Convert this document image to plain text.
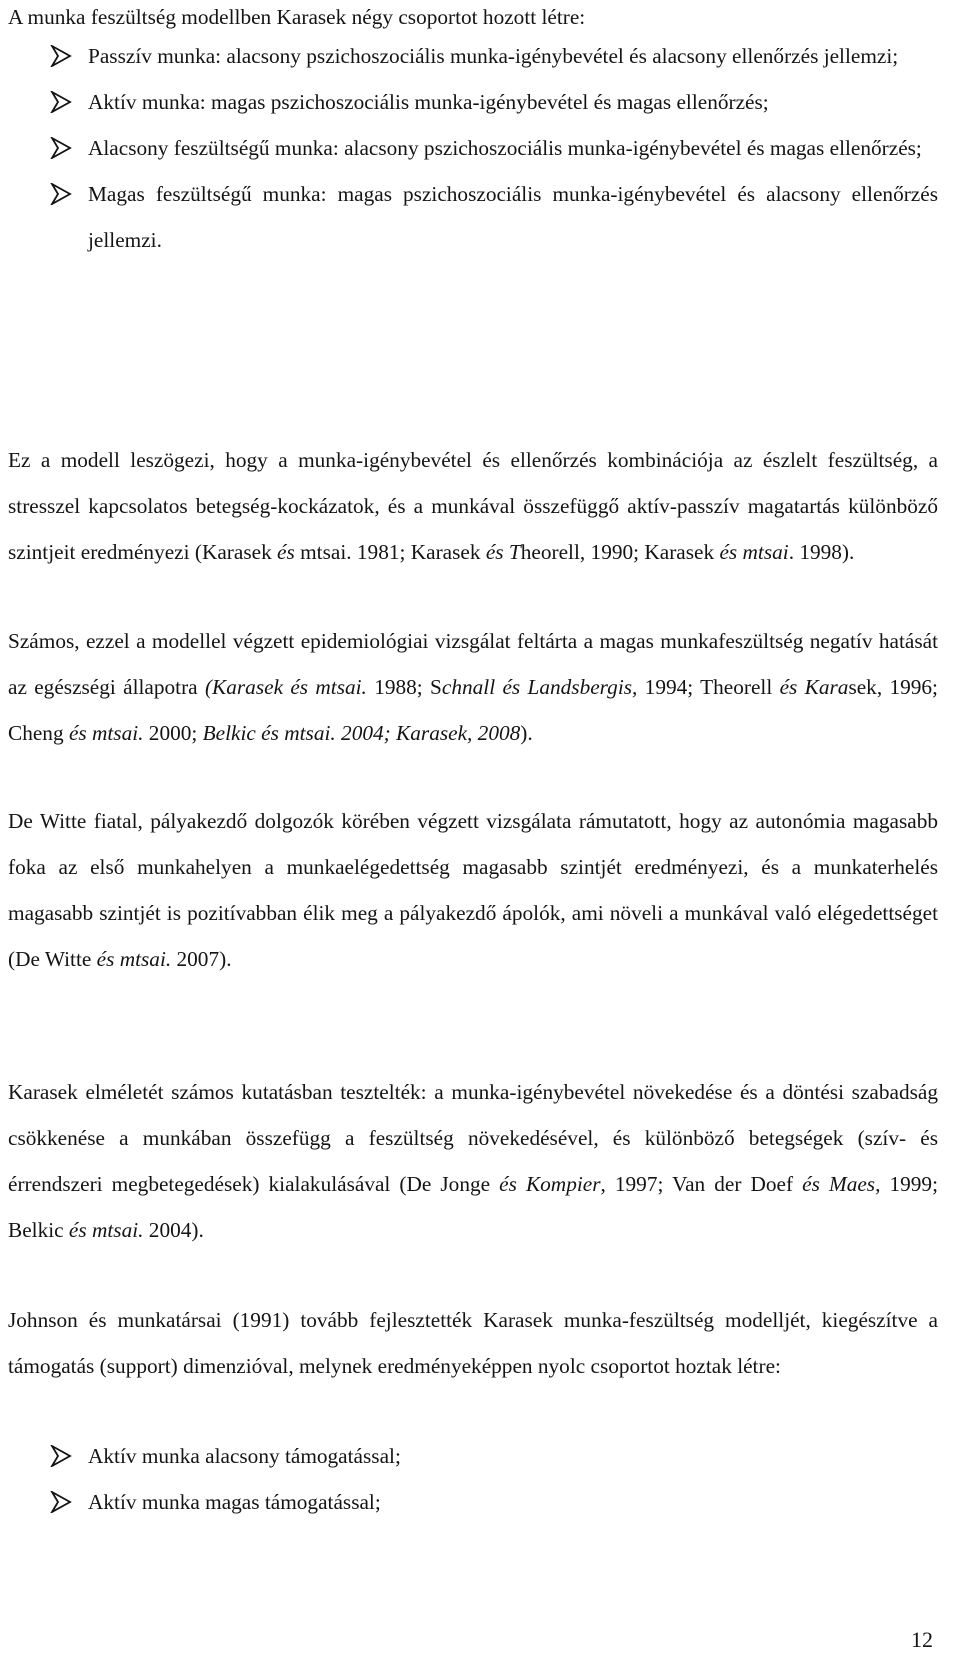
A munka feszültség modellben Karasek négy csoportot hozott létre:

Passzív munka: alacsony pszichoszociális munka-igénybevétel és alacsony ellenőrzés jellemzi;
Aktív munka: magas pszichoszociális munka-igénybevétel és magas ellenőrzés;
Alacsony feszültségű munka: alacsony pszichoszociális munka-igénybevétel és magas ellenőrzés;
Magas feszültségű munka: magas pszichoszociális munka-igénybevétel és alacsony ellenőrzés jellemzi.

Ez a modell leszögezi, hogy a munka-igénybevétel és ellenőrzés kombinációja az észlelt feszültség, a stresszel kapcsolatos betegség-kockázatok, és a munkával összefüggő aktív-passzív magatartás különböző szintjeit eredményezi (Karasek és mtsai. 1981; Karasek és Theorell, 1990; Karasek és mtsai. 1998).

Számos, ezzel a modellel végzett epidemiológiai vizsgálat feltárta a magas munkafeszültség negatív hatását az egészségi állapotra (Karasek és mtsai. 1988; Schnall és Landsbergis, 1994; Theorell és Karasek, 1996; Cheng és mtsai. 2000; Belkic és mtsai. 2004; Karasek, 2008).

De Witte fiatal, pályakezdő dolgozók körében végzett vizsgálata rámutatott, hogy az autonómia magasabb foka az első munkahelyen a munkaelégedettség magasabb szintjét eredményezi, és a munkaterhelés magasabb szintjét is pozitívabban élik meg a pályakezdő ápolók, ami növeli a munkával való elégedettséget (De Witte és mtsai. 2007).

Karasek elméletét számos kutatásban tesztelték: a munka-igénybevétel növekedése és a döntési szabadság csökkenése a munkában összefügg a feszültség növekedésével, és különböző betegségek (szív- és érrendszeri megbetegedések) kialakulásával (De Jonge és Kompier, 1997; Van der Doef és Maes, 1999; Belkic és mtsai. 2004).

Johnson és munkatársai (1991) tovább fejlesztették Karasek munka-feszültség modelljét, kiegészítve a támogatás (support) dimenzióval, melynek eredményeképpen nyolc csoportot hoztak létre:

Aktív munka alacsony támogatással;
Aktív munka magas támogatással;
12
